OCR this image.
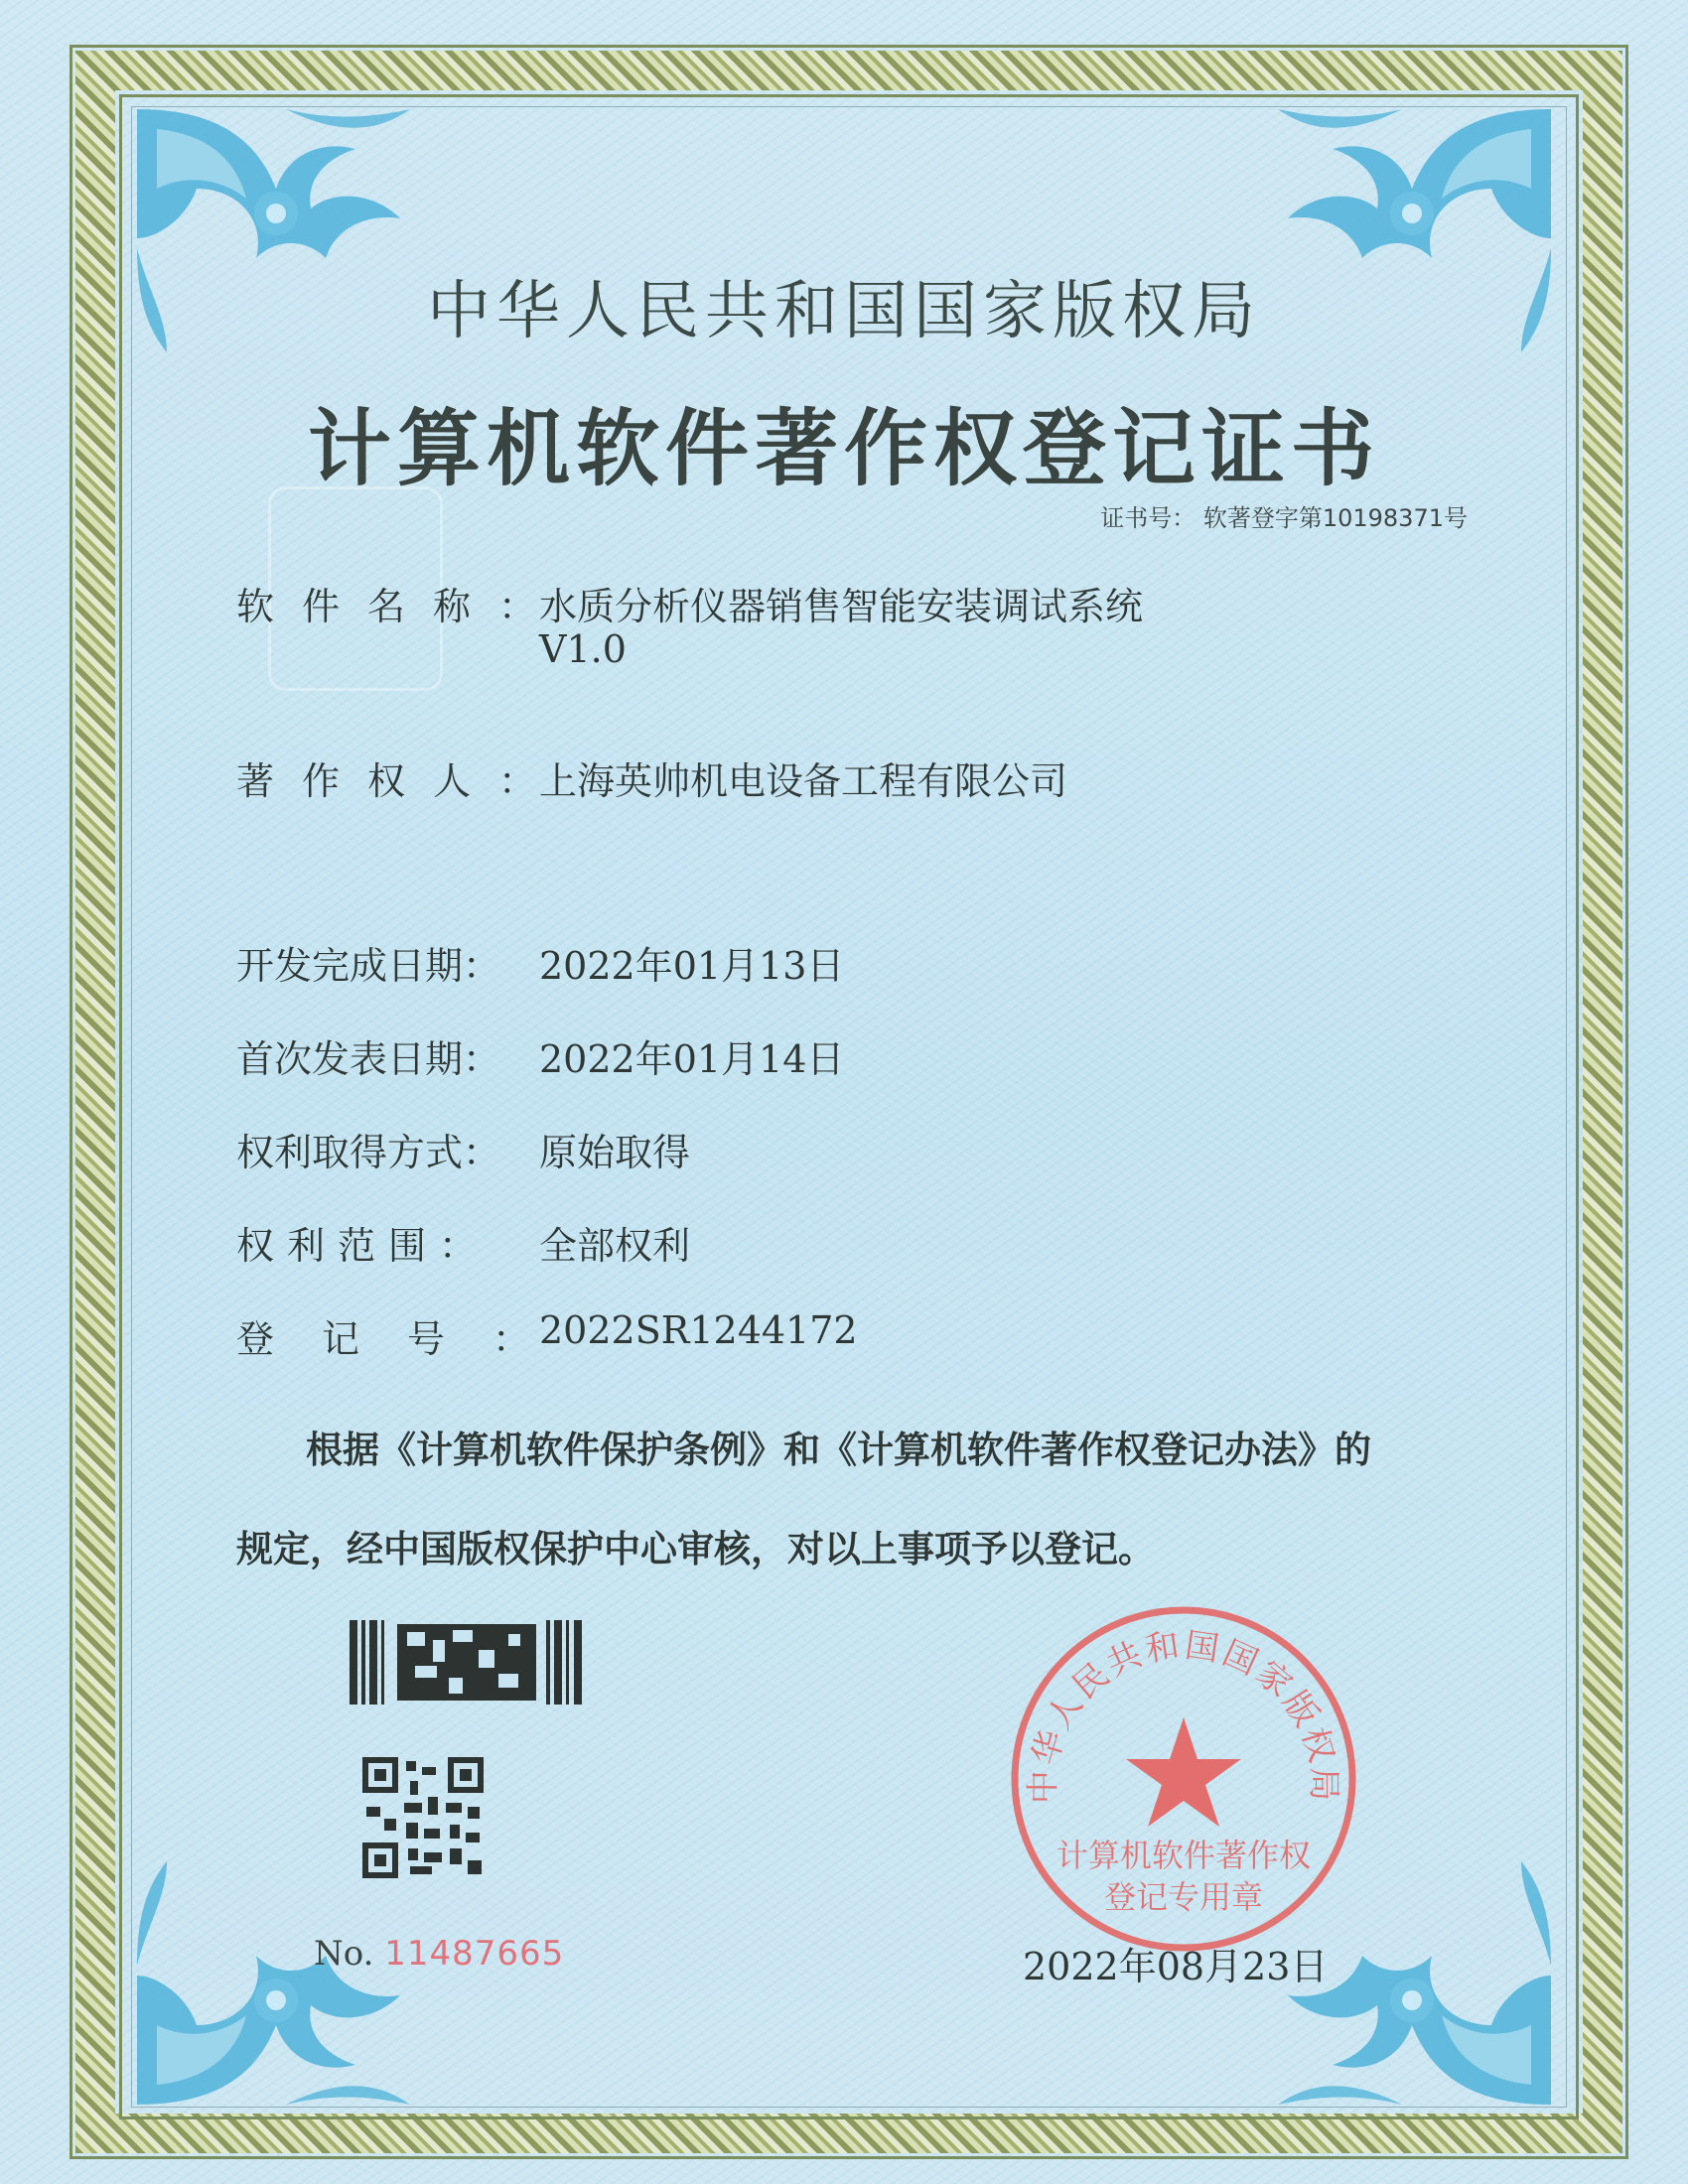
中华人民共和国国家版权局
计算机软件著作权登记证书
证书号： 软著登字第10198371号
软件名称：
水质分析仪器销售智能安装调试系统
V1.0
著作权人：
上海英帅机电设备工程有限公司
开发完成日期： 2022年01月13日
首次发表日期： 2022年01月14日
权利取得方式： 原始取得
权利范围：	全部权利
登记号：
2022SR1244172
根据《计算机软件保护条例》和《计算机软件著作权登记办法》的
规定，经中国版权保护中心审核，对以上事项予以登记。
No. 11487665
中华人民共和国国家版权局
计算机软件著作权
登记专用章
2022年08月23日
